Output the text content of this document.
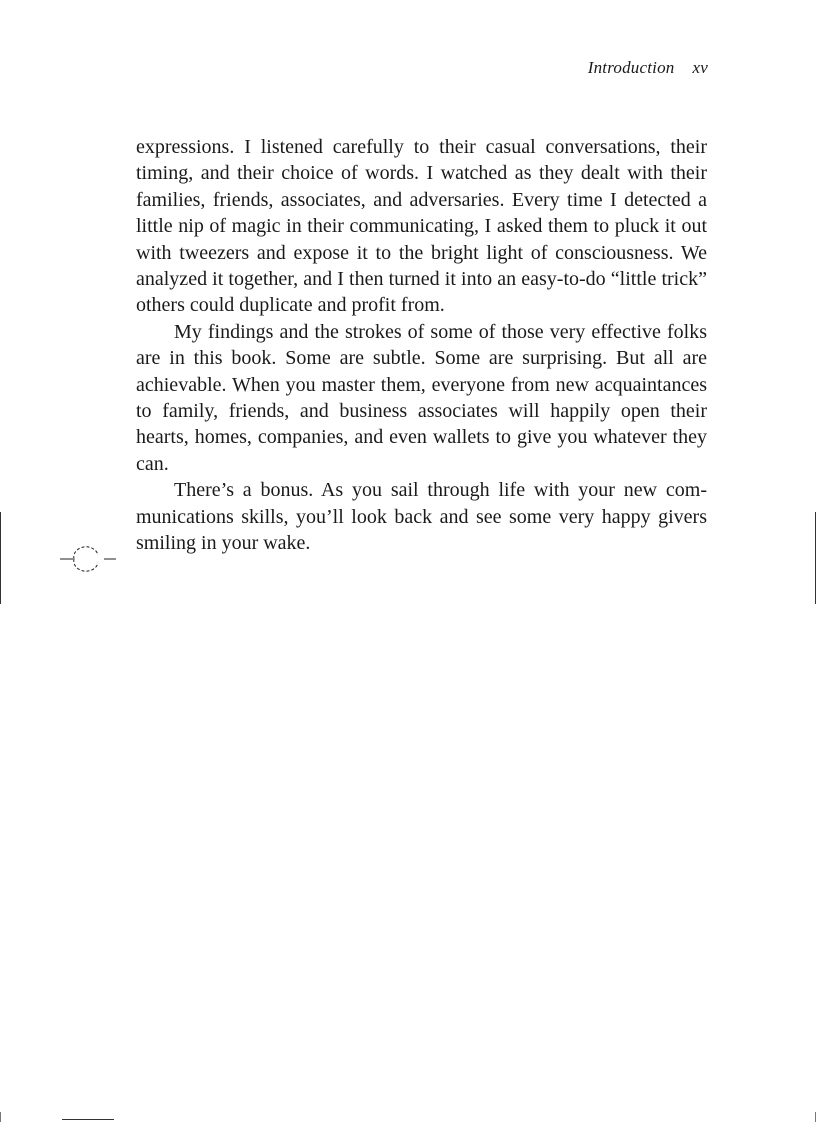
Introduction xv

expressions. I listened carefully to their casual conversations, their timing, and their choice of words. I watched as they dealt with their families, friends, associates, and adversaries. Every time I detected a little nip of magic in their communicating, I asked them to pluck it out with tweezers and expose it to the bright light of consciousness. We analyzed it together, and I then turned it into an easy-to-do “little trick” others could duplicate and profit from.

My findings and the strokes of some of those very effective folks are in this book. Some are subtle. Some are surprising. But all are achievable. When you master them, everyone from new acquaintances to family, friends, and business associates will happily open their hearts, homes, companies, and even wallets to give you whatever they can.

There’s a bonus. As you sail through life with your new communications skills, you’ll look back and see some very happy givers smiling in your wake.
